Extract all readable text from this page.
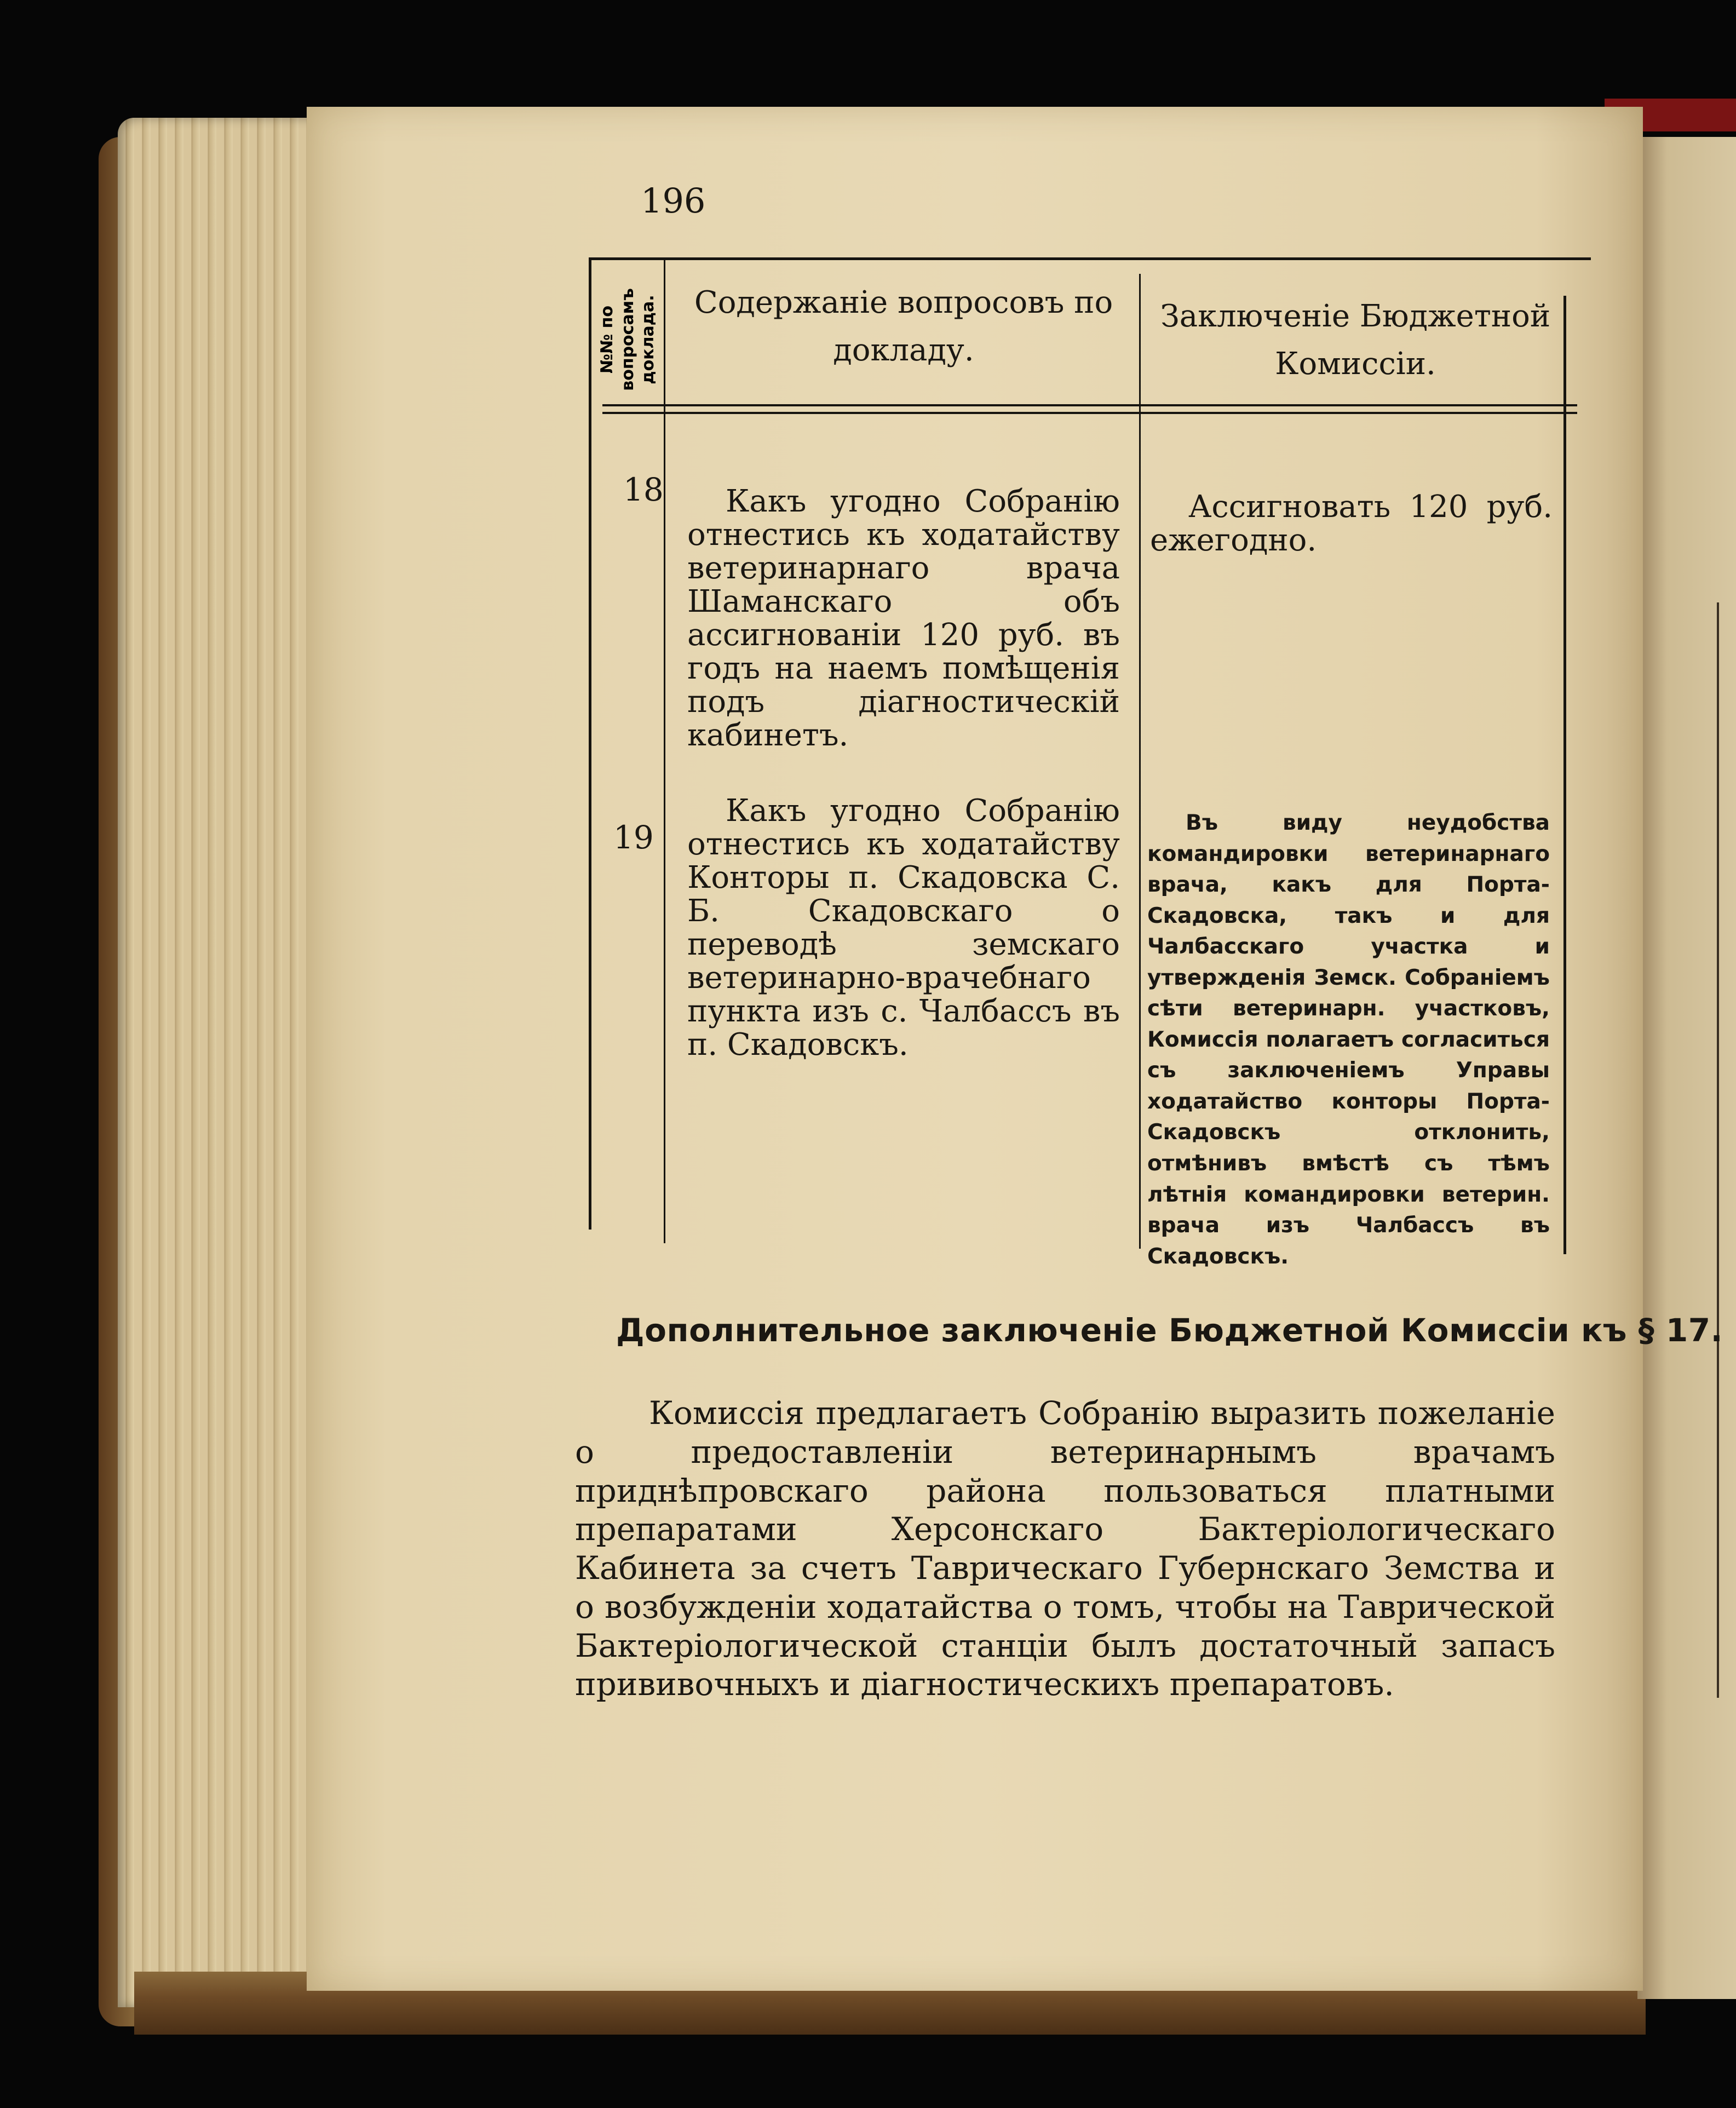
196
№№ по вопросамъ доклада.	Содержаніе вопросовъ по докладу.
Заключеніе Бюджетной Комиссіи.
18	Какъ угодно Собранію отнестись къ ходатайству ветеринарнаго врача Шаманскаго объ ассигнованіи 120 руб. въ годъ на наемъ помѣщенія подъ діагностическій кабинетъ.
Ассигновать 120 руб. ежегодно.
19
Какъ угодно Собранію отнестись къ ходатайству Конторы п. Скадовска С. Б. Скадовскаго о переводѣ земскаго ветеринарно-врачебнаго пункта изъ с. Чалбассъ въ п. Скадовскъ.
Въ виду неудобства командировки ветеринарнаго врача, какъ для Порта-Скадовска, такъ и для Чалбасскаго участка и утвержденія Земск. Собраніемъ сѣти ветеринарн. участковъ, Комиссія полагаетъ согласиться съ заключеніемъ Управы ходатайство конторы Порта-Скадовскъ отклонить, отмѣнивъ вмѣстѣ съ тѣмъ лѣтнія командировки ветерин. врача изъ Чалбассъ въ Скадовскъ.
Дополнительное заключеніе Бюджетной Комиссіи къ § 17.
Комиссія предлагаетъ Собранію выразить пожеланіе о предоставленіи ветеринарнымъ врачамъ приднѣпровскаго района пользоваться платными препаратами Херсонскаго Бактеріологическаго Кабинета за счетъ Таврическаго Губернскаго Земства и о возбужденіи ходатайства о томъ, чтобы на Таврической Бактеріологической станціи былъ достаточный запасъ прививочныхъ и діагностическихъ препаратовъ.
